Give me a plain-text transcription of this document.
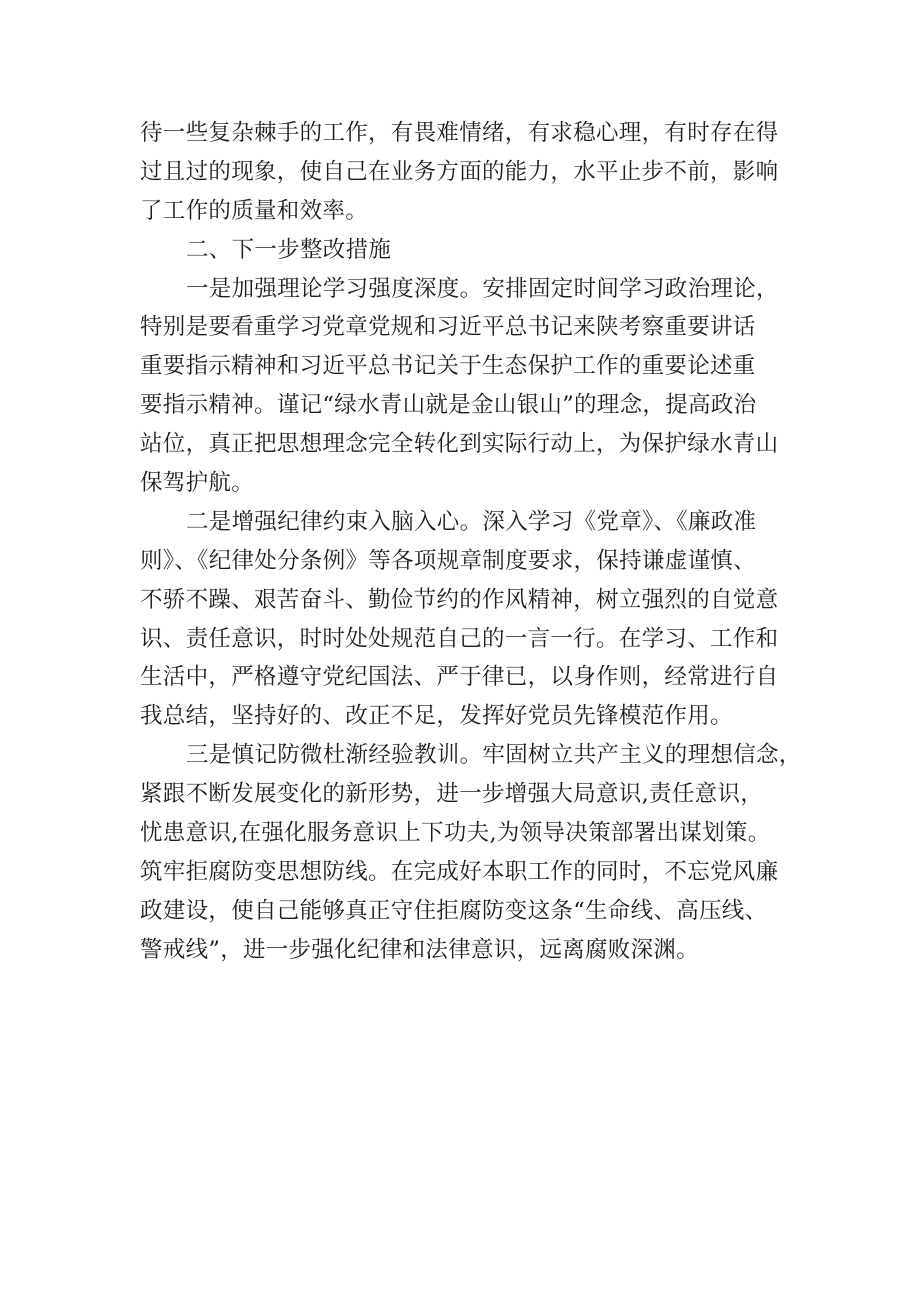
待一些复杂棘手的工作，有畏难情绪，有求稳心理，有时存在得
过且过的现象，使自己在业务方面的能力，水平止步不前，影响
了工作的质量和效率。
二、下一步整改措施
一是加强理论学习强度深度。安排固定时间学习政治理论，
特别是要看重学习党章党规和习近平总书记来陕考察重要讲话
重要指示精神和习近平总书记关于生态保护工作的重要论述重
要指示精神。谨记“绿水青山就是金山银山”的理念，提高政治
站位，真正把思想理念完全转化到实际行动上，为保护绿水青山
保驾护航。
二是增强纪律约束入脑入心。深入学习《党章》、《廉政准
则》、《纪律处分条例》等各项规章制度要求，保持谦虚谨慎、
不骄不躁、艰苦奋斗、勤俭节约的作风精神，树立强烈的自觉意
识、责任意识，时时处处规范自己的一言一行。在学习、工作和
生活中，严格遵守党纪国法、严于律已，以身作则，经常进行自
我总结，坚持好的、改正不足，发挥好党员先锋模范作用。
三是慎记防微杜渐经验教训。牢固树立共产主义的理想信念，
紧跟不断发展变化的新形势，进一步增强大局意识,责任意识，
忧患意识,在强化服务意识上下功夫,为领导决策部署出谋划策。
筑牢拒腐防变思想防线。在完成好本职工作的同时，不忘党风廉
政建设，使自己能够真正守住拒腐防变这条“生命线、高压线、
警戒线”，进一步强化纪律和法律意识，远离腐败深渊。
